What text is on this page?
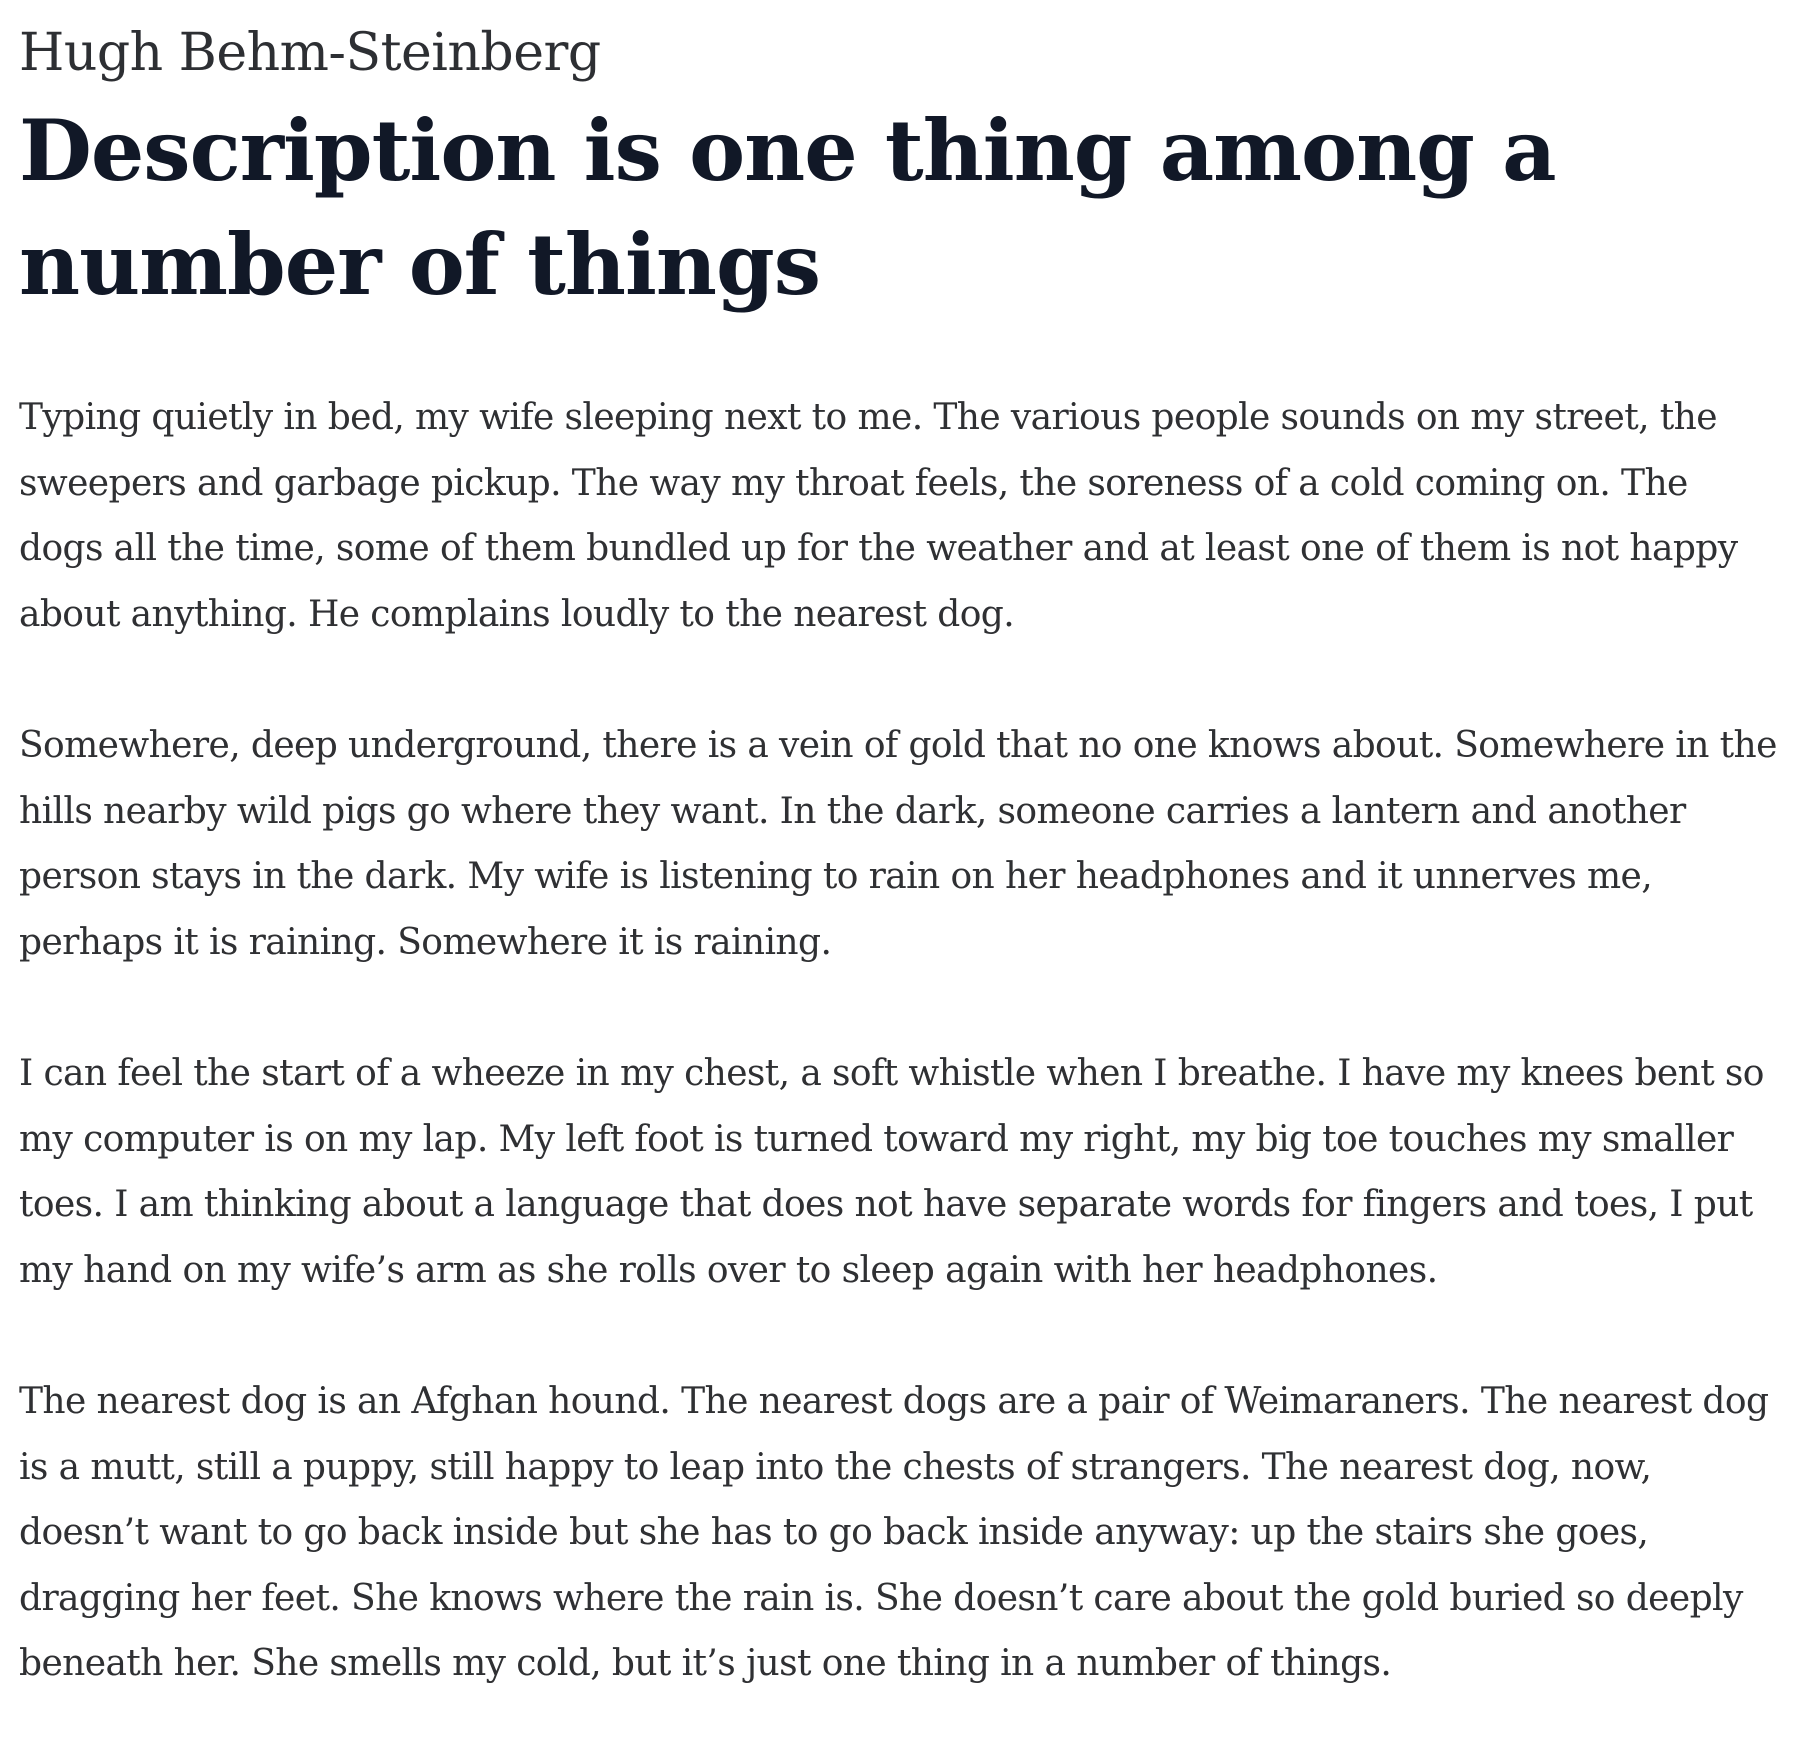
Hugh Behm-Steinberg
Description is one thing among a number of things

Typing quietly in bed, my wife sleeping next to me. The various people sounds on my street, the sweepers and garbage pickup. The way my throat feels, the soreness of a cold coming on. The dogs all the time, some of them bundled up for the weather and at least one of them is not happy about anything. He complains loudly to the nearest dog.

Somewhere, deep underground, there is a vein of gold that no one knows about. Somewhere in the hills nearby wild pigs go where they want. In the dark, someone carries a lantern and another person stays in the dark. My wife is listening to rain on her headphones and it unnerves me, perhaps it is raining. Somewhere it is raining.

I can feel the start of a wheeze in my chest, a soft whistle when I breathe. I have my knees bent so my computer is on my lap. My left foot is turned toward my right, my big toe touches my smaller toes. I am thinking about a language that does not have separate words for fingers and toes, I put my hand on my wife’s arm as she rolls over to sleep again with her headphones.

The nearest dog is an Afghan hound. The nearest dogs are a pair of Weimaraners. The nearest dog is a mutt, still a puppy, still happy to leap into the chests of strangers. The nearest dog, now, doesn’t want to go back inside but she has to go back inside anyway: up the stairs she goes, dragging her feet. She knows where the rain is. She doesn’t care about the gold buried so deeply beneath her. She smells my cold, but it’s just one thing in a number of things.
